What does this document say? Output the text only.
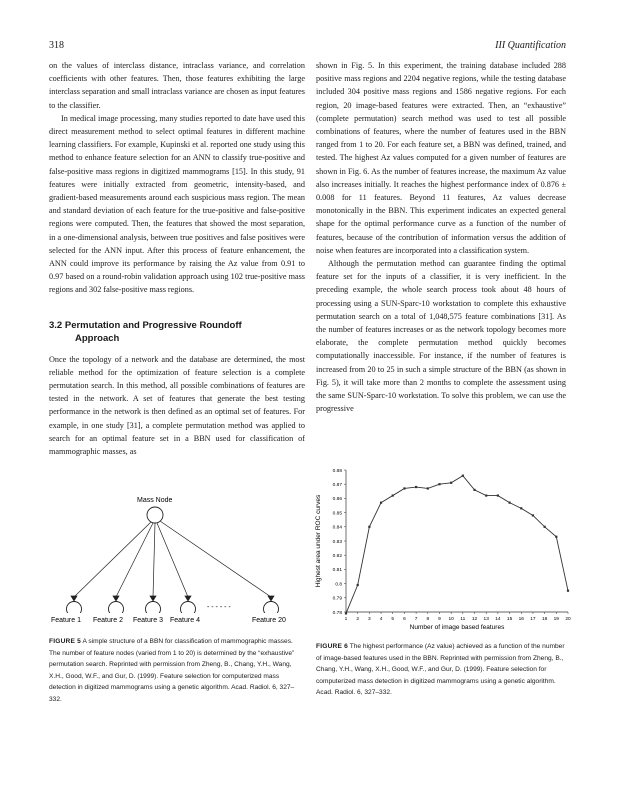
318	III Quantification

on the values of interclass distance, intraclass variance, and correlation coefficients with other features. Then, those features exhibiting the large interclass separation and small intraclass variance are chosen as input features to the classifier.

In medical image processing, many studies reported to date have used this direct measurement method to select optimal features in different machine learning classifiers. For example, Kupinski et al. reported one study using this method to enhance feature selection for an ANN to classify true-positive and false-positive mass regions in digitized mammograms [15]. In this study, 91 features were initially extracted from geometric, intensity-based, and gradient-based measurements around each suspicious mass region. The mean and standard deviation of each feature for the true-positive and false-positive regions were computed. Then, the features that showed the most separation, in a one-dimensional analysis, between true positives and false positives were selected for the ANN input. After this process of feature enhancement, the ANN could improve its performance by raising the Az value from 0.91 to 0.97 based on a round-robin validation approach using 102 true-positive mass regions and 302 false-positive mass regions.

3.2 Permutation and Progressive Roundoff
Approach

Once the topology of a network and the database are determined, the most reliable method for the optimization of feature selection is a complete permutation search. In this method, all possible combinations of features are tested in the network. A set of features that generate the best testing performance in the network is then defined as an optimal set of features. For example, in one study [31], a complete permutation method was applied to search for an optimal feature set in a BBN used for classification of mammographic masses, as

shown in Fig. 5. In this experiment, the training database included 288 positive mass regions and 2204 negative regions, while the testing database included 304 positive mass regions and 1586 negative regions. For each region, 20 image-based features were extracted. Then, an “exhaustive” (complete permutation) search method was used to test all possible combinations of features, where the number of features used in the BBN ranged from 1 to 20. For each feature set, a BBN was defined, trained, and tested. The highest Az values computed for a given number of features are shown in Fig. 6. As the number of features increase, the maximum Az value also increases initially. It reaches the highest performance index of 0.876 ± 0.008 for 11 features. Beyond 11 features, Az values decrease monotonically in the BBN. This experiment indicates an expected general shape for the optimal performance curve as a function of the number of features, because of the contribution of information versus the addition of noise when features are incorporated into a classification system.

Although the permutation method can guarantee finding the optimal feature set for the inputs of a classifier, it is very inefficient. In the preceding example, the whole search process took about 48 hours of processing using a SUN-Sparc-10 workstation to complete this exhaustive permutation search on a total of 1,048,575 feature combinations [31]. As the number of features increases or as the network topology becomes more elaborate, the complete permutation method quickly becomes computationally inaccessible. For instance, if the number of features is increased from 20 to 25 in such a simple structure of the BBN (as shown in Fig. 5), it will take more than 2 months to complete the assessment using the same SUN-Sparc-10 workstation. To solve this problem, we can use the progressive

Mass Node
Feature 1 Feature 2 Feature 3 Feature 4	Feature 20
- - - - - -
FIGURE 5 A simple structure of a BBN for classification of mammographic masses. The number of feature nodes (varied from 1 to 20) is determined by the “exhaustive” permutation search. Reprinted with permission from Zheng, B., Chang, Y.H., Wang, X.H., Good, W.F., and Gur, D. (1999). Feature selection for computerized mass detection in digitized mammograms using a genetic algorithm. Acad. Radiol. 6, 327–332.
Highest area under ROC curves
Number of image based features
0.88
0.87
0.86
0.85
0.84
0.83
0.82
0.81
0.8
0.79
0.78
1 2 3 4 5 6 7 8 9 10 11 12 13 14 15 16 17 18 19 20
FIGURE 6 The highest performance (Az value) achieved as a function of the number of image-based features used in the BBN. Reprinted with permission from Zheng, B., Chang, Y.H., Wang, X.H., Good, W.F., and Gur, D. (1999). Feature selection for computerized mass detection in digitized mammograms using a genetic algorithm. Acad. Radiol. 6, 327–332.
